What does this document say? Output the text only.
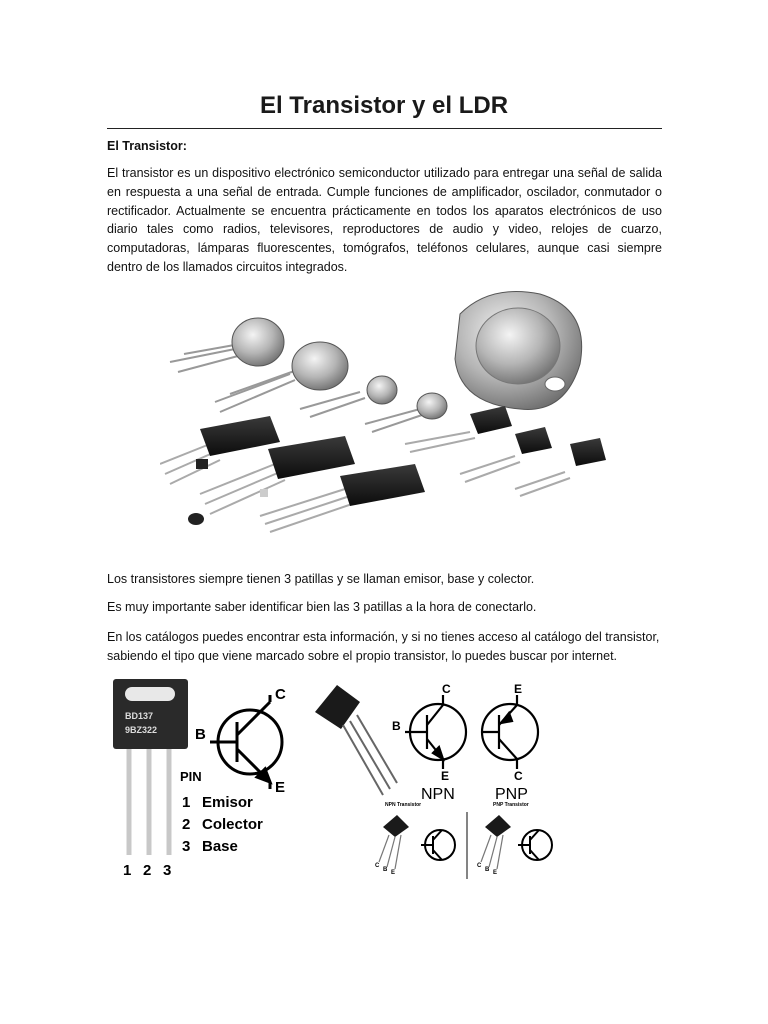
El Transistor y el LDR
El Transistor:

El transistor es un dispositivo electrónico semiconductor utilizado para entregar una señal de salida en respuesta a una señal de entrada. Cumple funciones de amplificador, oscilador, conmutador o rectificador. Actualmente se encuentra prácticamente en todos los aparatos electrónicos de uso diario tales como radios, televisores, reproductores de audio y video, relojes de cuarzo, computadoras, lámparas fluorescentes, tomógrafos, teléfonos celulares, aunque casi siempre dentro de los llamados circuitos integrados.

Los transistores siempre tienen 3 patillas y se llaman emisor, base y colector.

Es muy importante saber identificar bien las 3 patillas a la hora de conectarlo.

En los catálogos puedes encontrar esta información, y si no tienes acceso al catálogo del transistor, sabiendo el tipo que viene marcado sobre el propio transistor, lo puedes buscar por internet.

BD137
9BZ322
1 2 3
B
C
E
PIN
1 Emisor
2 Colector
3 Base
B
C
E
NPN
NPN Transistor
E
C
PNP
PNP Transistor
C
B E
C
B E
